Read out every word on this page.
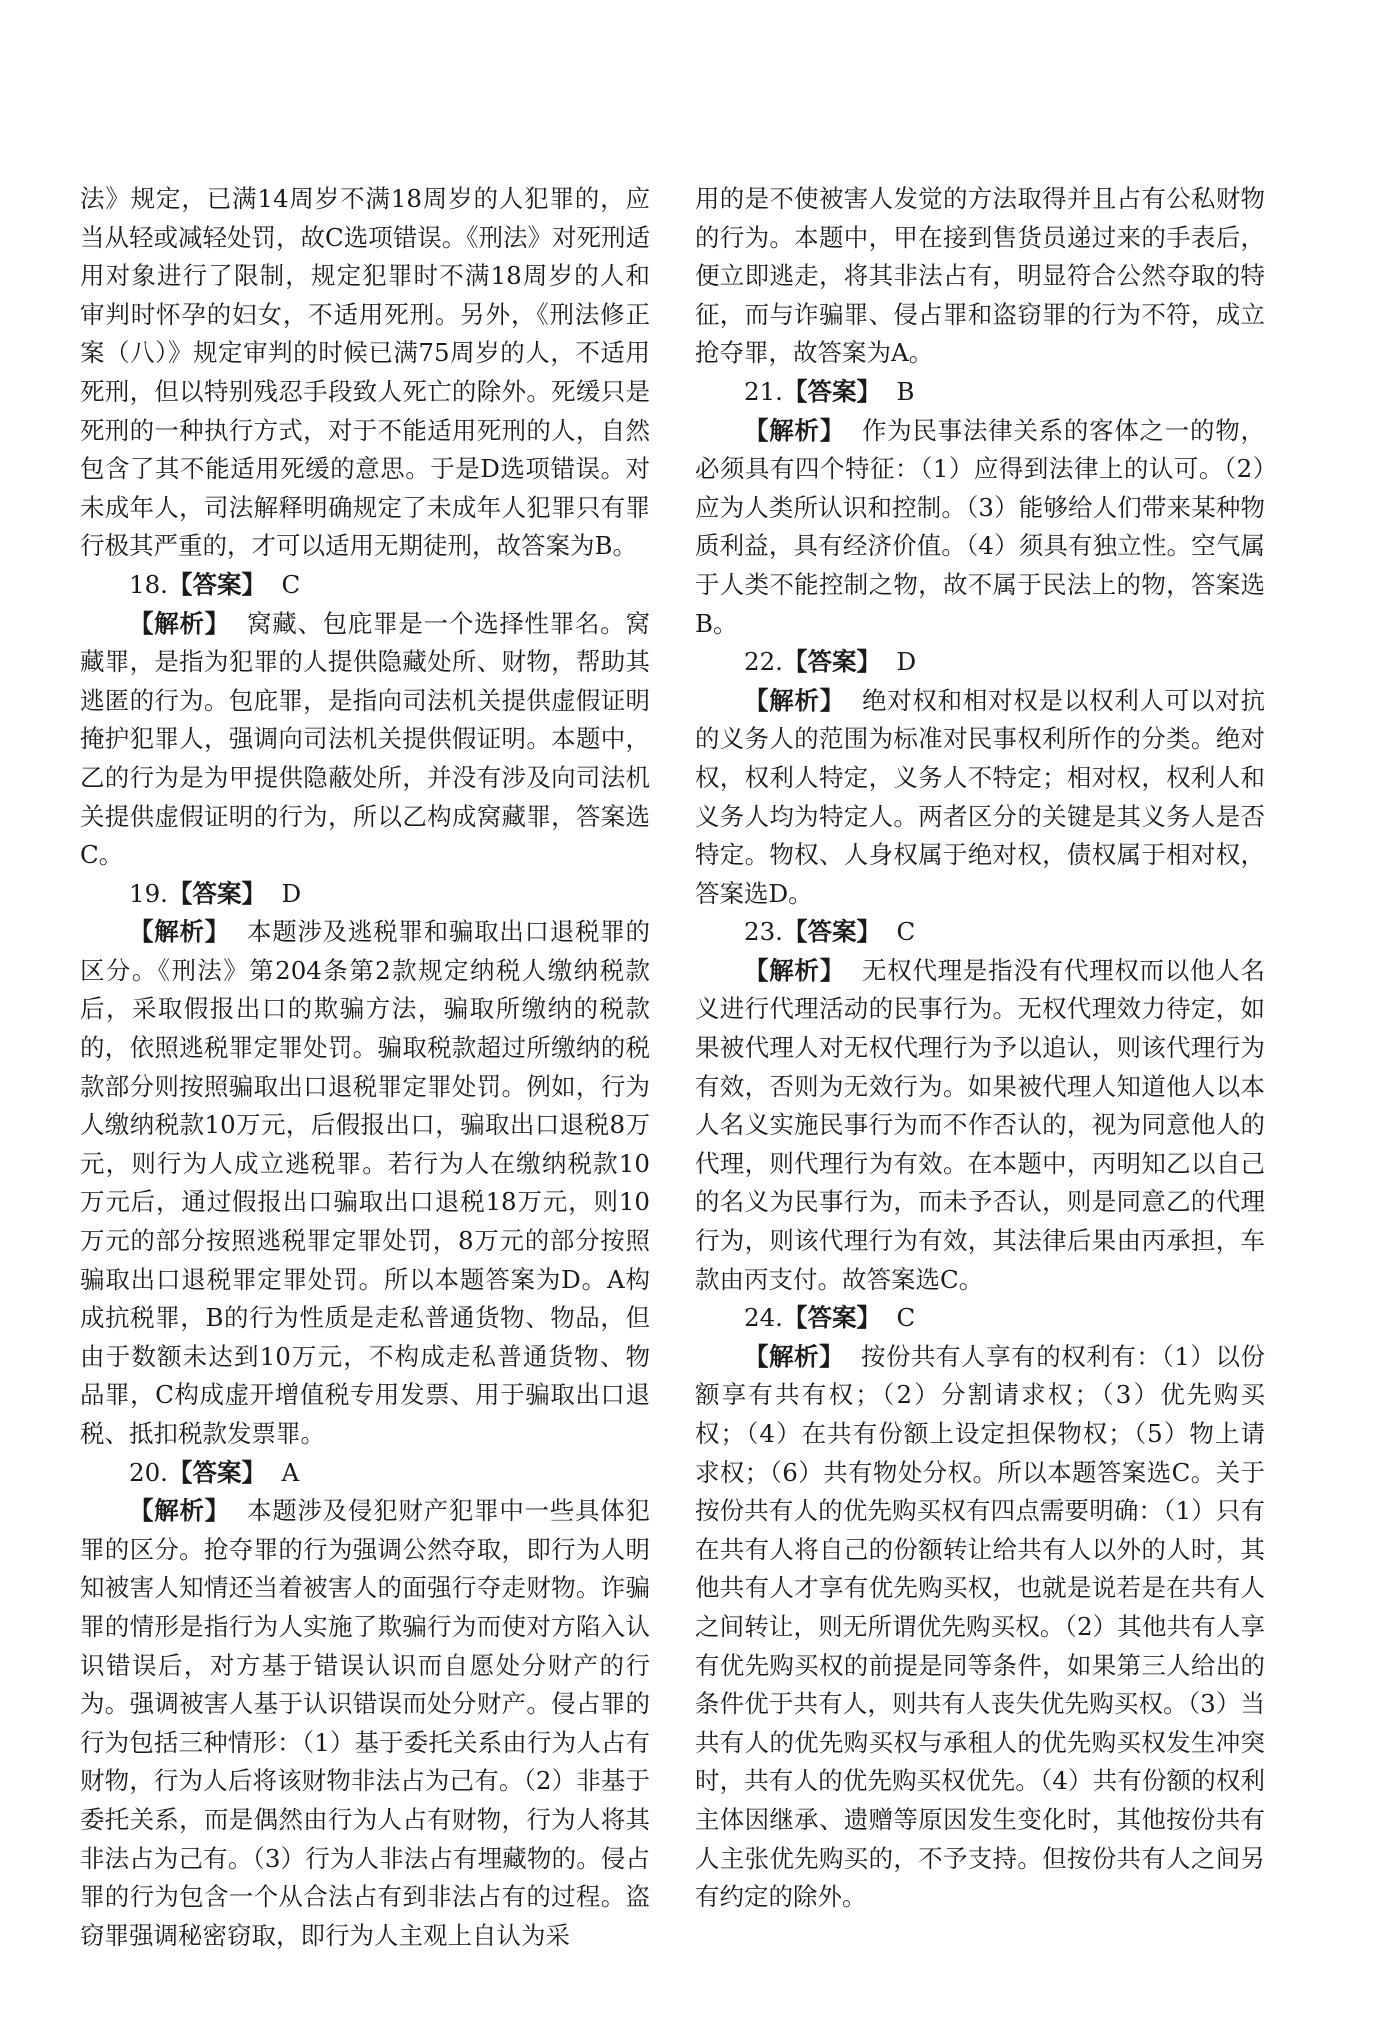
法》规定，已满14周岁不满18周岁的人犯罪的，应当从轻或减轻处罚，故C选项错误。《刑法》对死刑适用对象进行了限制，规定犯罪时不满18周岁的人和审判时怀孕的妇女，不适用死刑。另外，《刑法修正案（八）》规定审判的时候已满75周岁的人，不适用死刑，但以特别残忍手段致人死亡的除外。死缓只是死刑的一种执行方式，对于不能适用死刑的人，自然包含了其不能适用死缓的意思。于是D选项错误。对未成年人，司法解释明确规定了未成年人犯罪只有罪行极其严重的，才可以适用无期徒刑，故答案为B。

18.【答案】 C

【解析】 窝藏、包庇罪是一个选择性罪名。窝藏罪，是指为犯罪的人提供隐藏处所、财物，帮助其逃匿的行为。包庇罪，是指向司法机关提供虚假证明掩护犯罪人，强调向司法机关提供假证明。本题中，乙的行为是为甲提供隐蔽处所，并没有涉及向司法机关提供虚假证明的行为，所以乙构成窝藏罪，答案选C。

19.【答案】 D

【解析】 本题涉及逃税罪和骗取出口退税罪的区分。《刑法》第204条第2款规定纳税人缴纳税款后，采取假报出口的欺骗方法，骗取所缴纳的税款的，依照逃税罪定罪处罚。骗取税款超过所缴纳的税款部分则按照骗取出口退税罪定罪处罚。例如，行为人缴纳税款10万元，后假报出口，骗取出口退税8万元，则行为人成立逃税罪。若行为人在缴纳税款10万元后，通过假报出口骗取出口退税18万元，则10万元的部分按照逃税罪定罪处罚，8万元的部分按照骗取出口退税罪定罪处罚。所以本题答案为D。A构成抗税罪，B的行为性质是走私普通货物、物品，但由于数额未达到10万元，不构成走私普通货物、物品罪，C构成虚开增值税专用发票、用于骗取出口退税、抵扣税款发票罪。

20.【答案】 A

【解析】 本题涉及侵犯财产犯罪中一些具体犯罪的区分。抢夺罪的行为强调公然夺取，即行为人明知被害人知情还当着被害人的面强行夺走财物。诈骗罪的情形是指行为人实施了欺骗行为而使对方陷入认识错误后，对方基于错误认识而自愿处分财产的行为。强调被害人基于认识错误而处分财产。侵占罪的行为包括三种情形：（1）基于委托关系由行为人占有财物，行为人后将该财物非法占为己有。（2）非基于委托关系，而是偶然由行为人占有财物，行为人将其非法占为己有。（3）行为人非法占有埋藏物的。侵占罪的行为包含一个从合法占有到非法占有的过程。盗窃罪强调秘密窃取，即行为人主观上自认为采

用的是不使被害人发觉的方法取得并且占有公私财物的行为。本题中，甲在接到售货员递过来的手表后，便立即逃走，将其非法占有，明显符合公然夺取的特征，而与诈骗罪、侵占罪和盗窃罪的行为不符，成立抢夺罪，故答案为A。

21.【答案】 B

【解析】 作为民事法律关系的客体之一的物，必须具有四个特征：（1）应得到法律上的认可。（2）应为人类所认识和控制。（3）能够给人们带来某种物质利益，具有经济价值。（4）须具有独立性。空气属于人类不能控制之物，故不属于民法上的物，答案选B。

22.【答案】 D

【解析】 绝对权和相对权是以权利人可以对抗的义务人的范围为标准对民事权利所作的分类。绝对权，权利人特定，义务人不特定；相对权，权利人和义务人均为特定人。两者区分的关键是其义务人是否特定。物权、人身权属于绝对权，债权属于相对权，答案选D。

23.【答案】 C

【解析】 无权代理是指没有代理权而以他人名义进行代理活动的民事行为。无权代理效力待定，如果被代理人对无权代理行为予以追认，则该代理行为有效，否则为无效行为。如果被代理人知道他人以本人名义实施民事行为而不作否认的，视为同意他人的代理，则代理行为有效。在本题中，丙明知乙以自己的名义为民事行为，而未予否认，则是同意乙的代理行为，则该代理行为有效，其法律后果由丙承担，车款由丙支付。故答案选C。

24.【答案】 C

【解析】 按份共有人享有的权利有：（1）以份额享有共有权；（2）分割请求权；（3）优先购买权；（4）在共有份额上设定担保物权；（5）物上请求权；（6）共有物处分权。所以本题答案选C。关于按份共有人的优先购买权有四点需要明确：（1）只有在共有人将自己的份额转让给共有人以外的人时，其他共有人才享有优先购买权，也就是说若是在共有人之间转让，则无所谓优先购买权。（2）其他共有人享有优先购买权的前提是同等条件，如果第三人给出的条件优于共有人，则共有人丧失优先购买权。（3）当共有人的优先购买权与承租人的优先购买权发生冲突时，共有人的优先购买权优先。（4）共有份额的权利主体因继承、遗赠等原因发生变化时，其他按份共有人主张优先购买的，不予支持。但按份共有人之间另有约定的除外。
